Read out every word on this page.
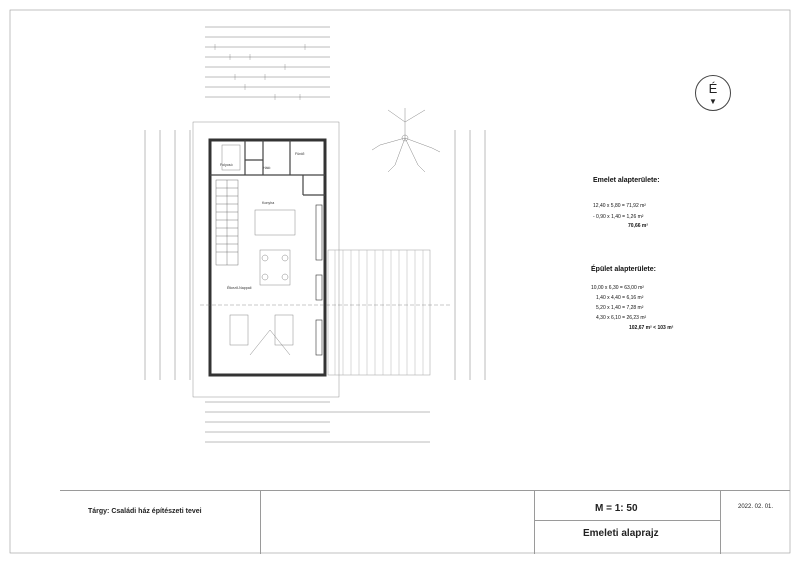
Folyosó
Konyha
Étkező-Nappali
Háló
Fürdő
É
▼
Emelet alapterülete:
12,40 x 5,80 = 71,92 m²
- 0,90 x 1,40 = 1,26 m²
70,66 m²
Épület alapterülete:
10,00 x 6,30 = 63,00 m²
1,40 x 4,40 = 6,16 m²
5,20 x 1,40 = 7,28 m²
4,30 x 6,10 = 26,23 m²
102,67 m² < 103 m²
Tárgy: Családi ház építészeti tevei	M = 1: 50
Emeleti alaprajz
2022. 02. 01.
